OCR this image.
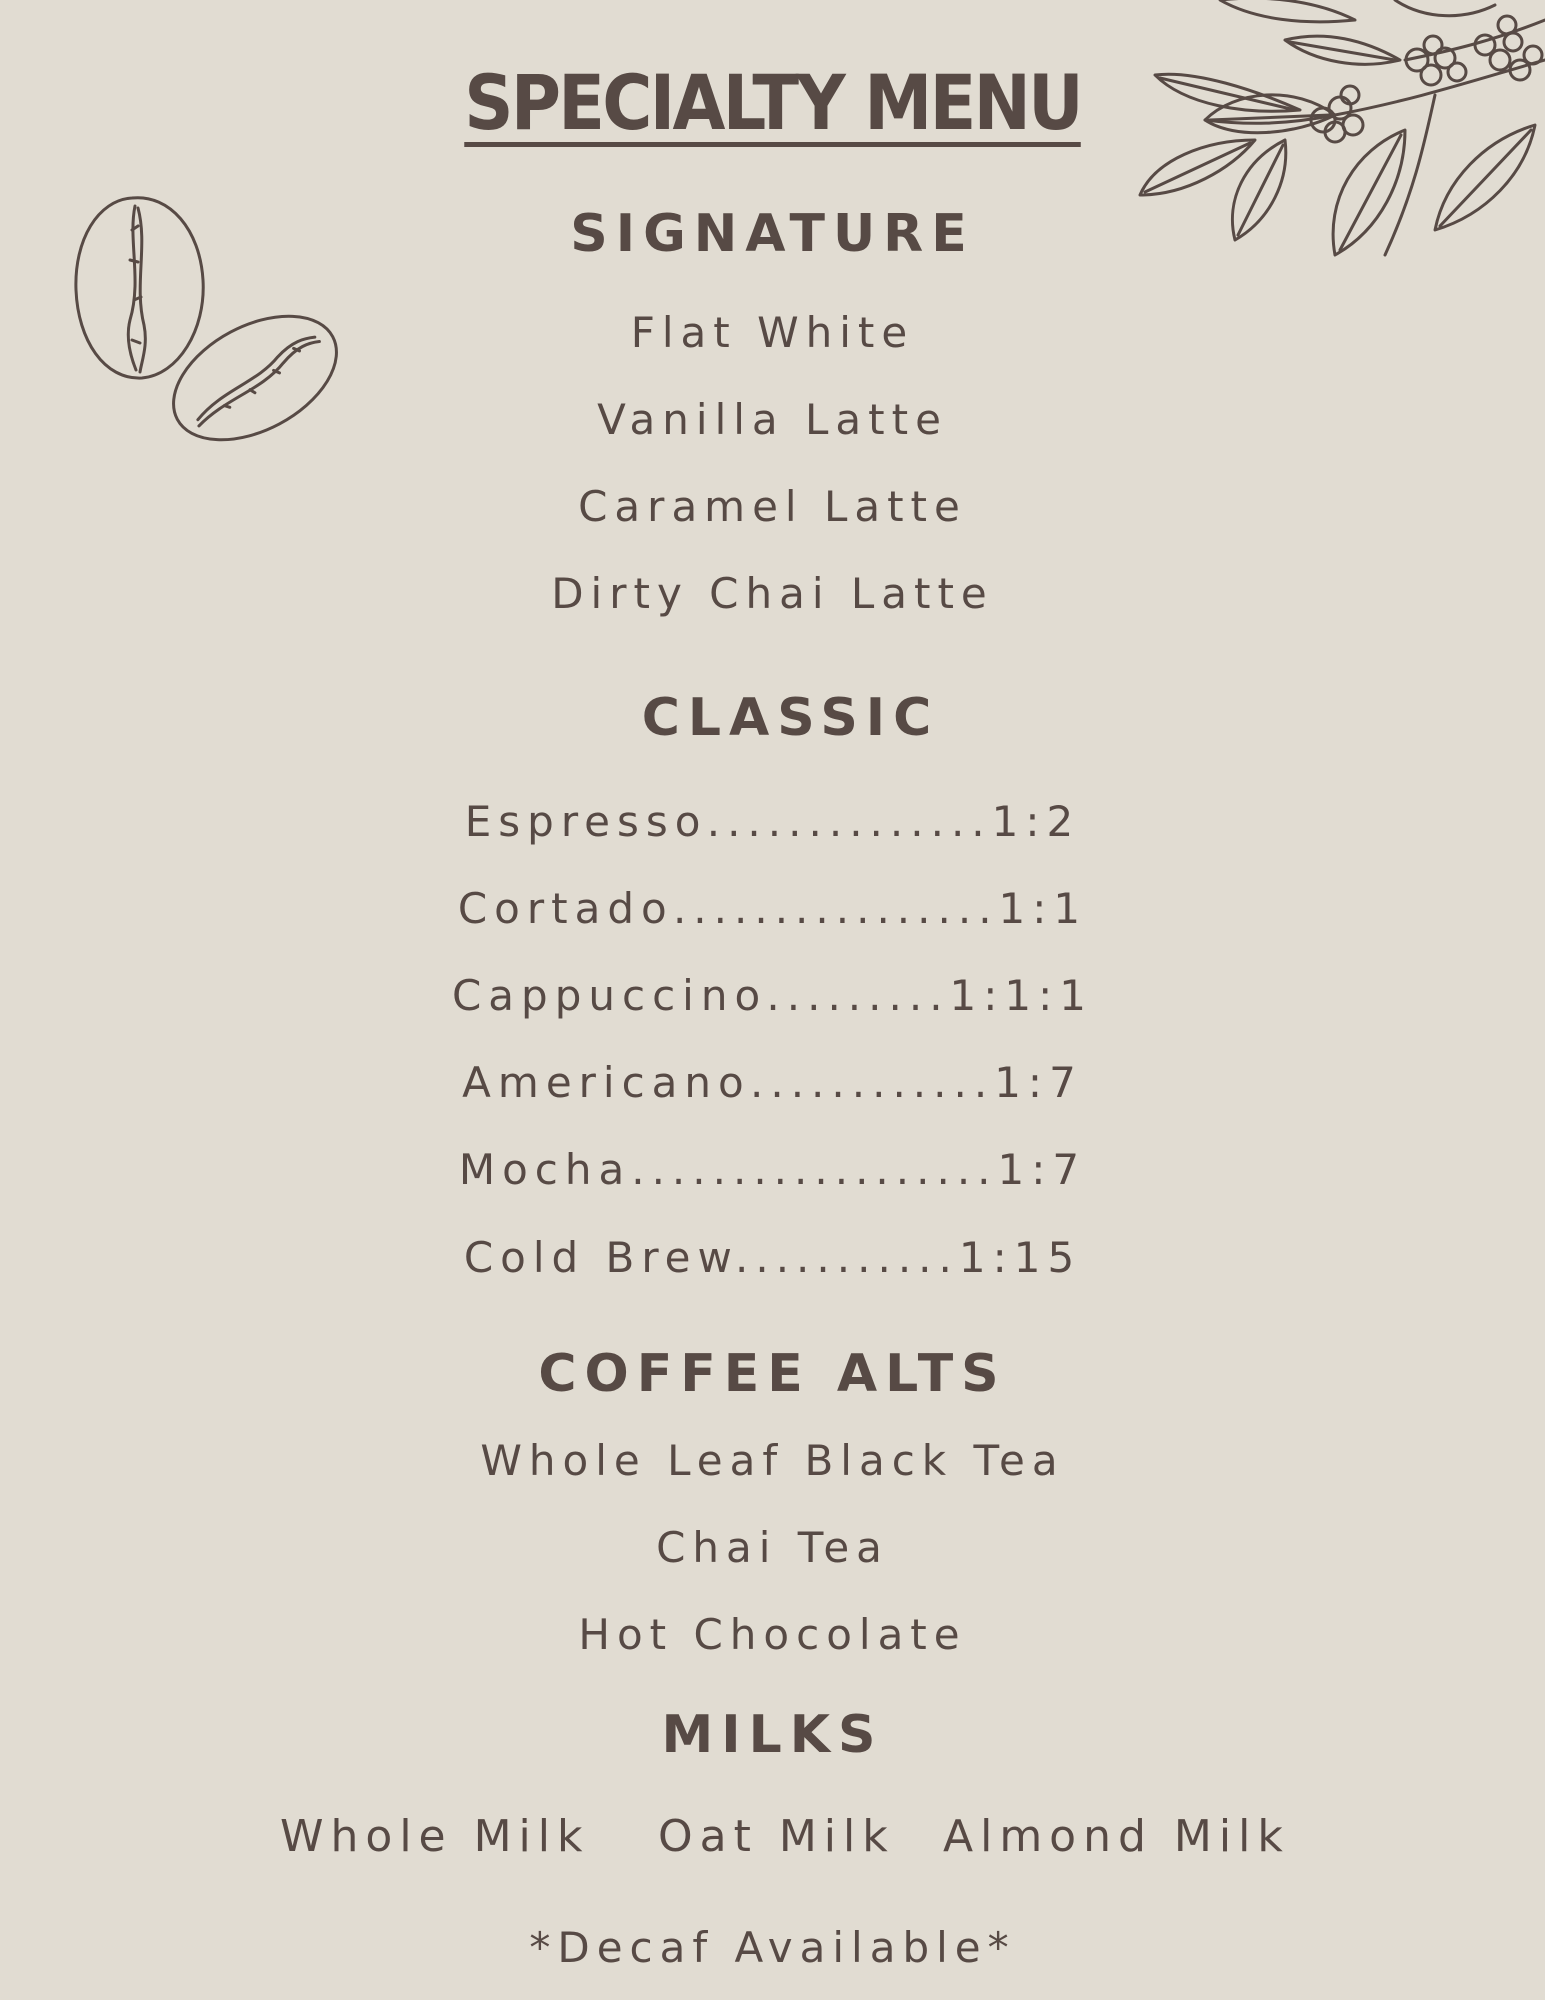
SPECIALTY MENU
SIGNATURE
Flat White
Vanilla Latte
Caramel Latte
Dirty Chai Latte
CLASSIC
Espresso..............1:2
Cortado................1:1
Cappuccino.........1:1:1
Americano............1:7
Mocha..................1:7
Cold Brew...........1:15
COFFEE ALTS
Whole Leaf Black Tea
Chai Tea
Hot Chocolate
MILKS
Whole Milk Oat Milk Almond Milk
*Decaf Available*
